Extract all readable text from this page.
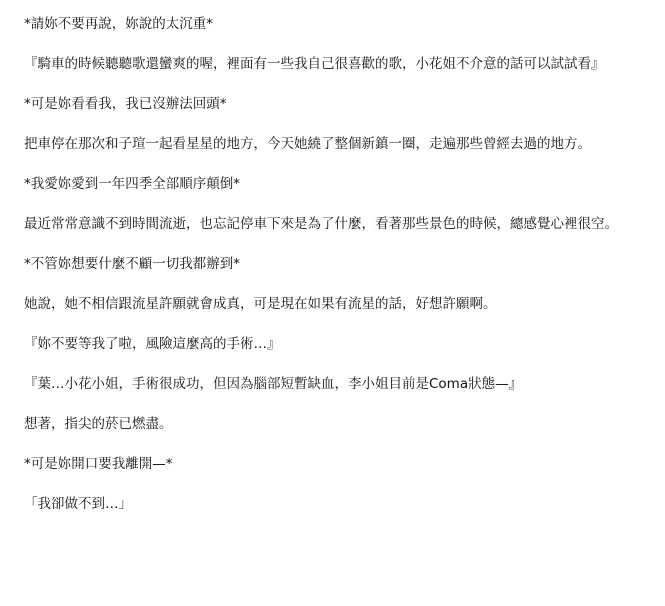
*請妳不要再說，妳說的太沉重*

『騎車的時候聽聽歌還蠻爽的喔，裡面有一些我自己很喜歡的歌，小花姐不介意的話可以試試看』

*可是妳看看我，我已沒辦法回頭*

把車停在那次和子瑄一起看星星的地方，今天她繞了整個新鎮一圈，走遍那些曾經去過的地方。

*我愛妳愛到一年四季全部順序顛倒*

最近常常意識不到時間流逝，也忘記停車下來是為了什麼，看著那些景色的時候，總感覺心裡很空。

*不管妳想要什麼不顧一切我都辦到*

她說，她不相信跟流星許願就會成真，可是現在如果有流星的話，好想許願啊。

『妳不要等我了啦，風險這麼高的手術…』

『葉…小花小姐，手術很成功，但因為腦部短暫缺血，李小姐目前是Coma狀態—』

想著，指尖的菸已燃盡。

*可是妳開口要我離開—*

「我卻做不到…」
